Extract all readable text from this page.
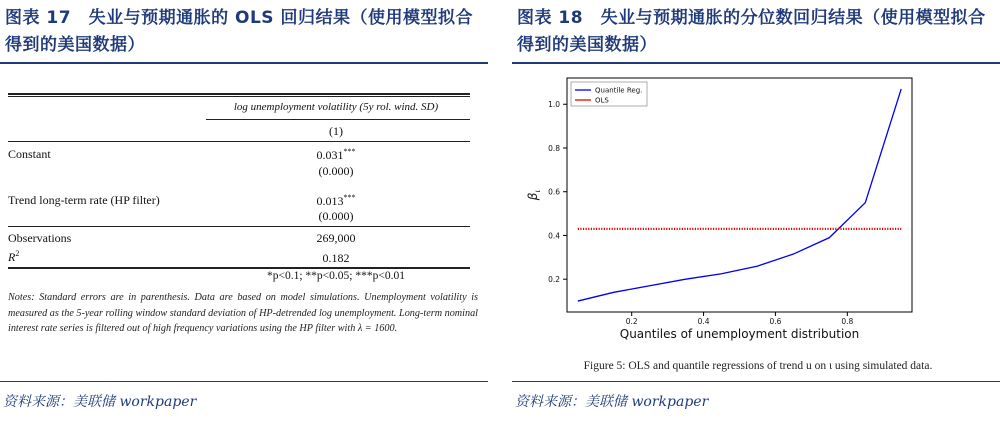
图表 17　失业与预期通胀的 OLS 回归结果（使用模型拟合得到的美国数据）
log unemployment volatility (5y rol. wind. SD)
(1)
Constant	0.031***
(0.000)
Trend long-term rate (HP filter)	0.013***
(0.000)
Observations	269,000
$R^2$	0.182
*p<0.1; **p<0.05; ***p<0.01
Notes: Standard errors are in parenthesis. Data are based on model simulations. Unemployment volatility is measured as the 5-year rolling window standard deviation of HP-detrended log unemployment. Long-term nominal interest rate series is filtered out of high frequency variations using the HP filter with λ = 1600.
资料来源：美联储 workpaper
图表 18　失业与预期通胀的分位数回归结果（使用模型拟合得到的美国数据）
0.2
0.4
0.6
0.8
1.0
0.2	0.4	0.6	0.8
Quantile Reg.
OLS
Quantiles of unemployment distribution
$\beta_\iota$
Figure 5: OLS and quantile regressions of trend u on ι using simulated data.
资料来源：美联储 workpaper
